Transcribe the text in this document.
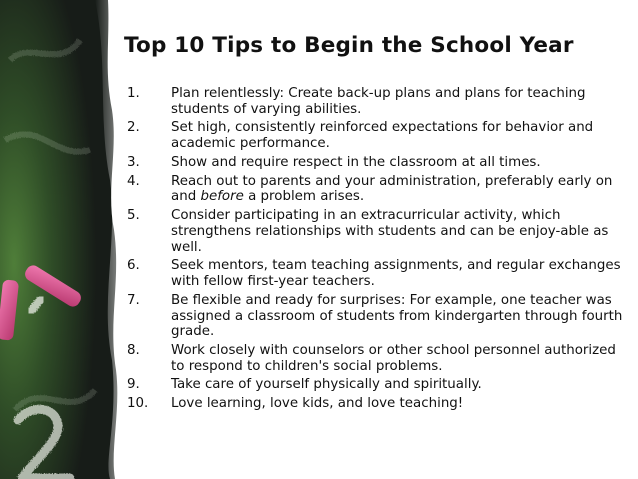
Top 10 Tips to Begin the School Year
1. Plan relentlessly: Create back-up plans and plans for teaching students of varying abilities.
2. Set high, consistently reinforced expectations for behavior and academic performance.
3. Show and require respect in the classroom at all times.
4. Reach out to parents and your administration, preferably early on and before a problem arises.
5. Consider participating in an extracurricular activity, which strengthens relationships with students and can be enjoy-able as well.
6. Seek mentors, team teaching assignments, and regular exchanges with fellow first-year teachers.
7. Be flexible and ready for surprises: For example, one teacher was assigned a classroom of students from kindergarten through fourth grade.
8. Work closely with counselors or other school personnel authorized to respond to children's social problems.
9. Take care of yourself physically and spiritually.
10. Love learning, love kids, and love teaching!
